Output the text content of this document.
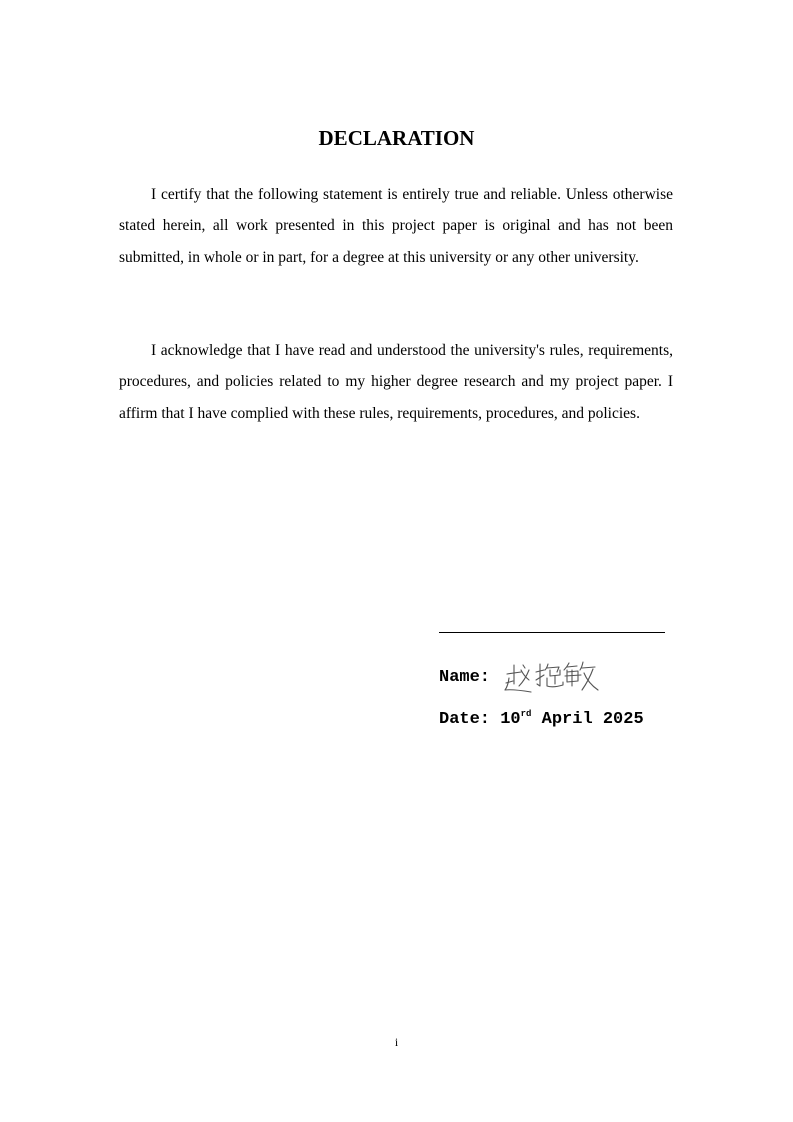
DECLARATION

I certify that the following statement is entirely true and reliable. Unless otherwise stated herein, all work presented in this project paper is original and has not been submitted, in whole or in part, for a degree at this university or any other university.

I acknowledge that I have read and understood the university's rules, requirements, procedures, and policies related to my higher degree research and my project paper. I affirm that I have complied with these rules, requirements, procedures, and policies.

Name:
Date: 10rd April 2025
i
